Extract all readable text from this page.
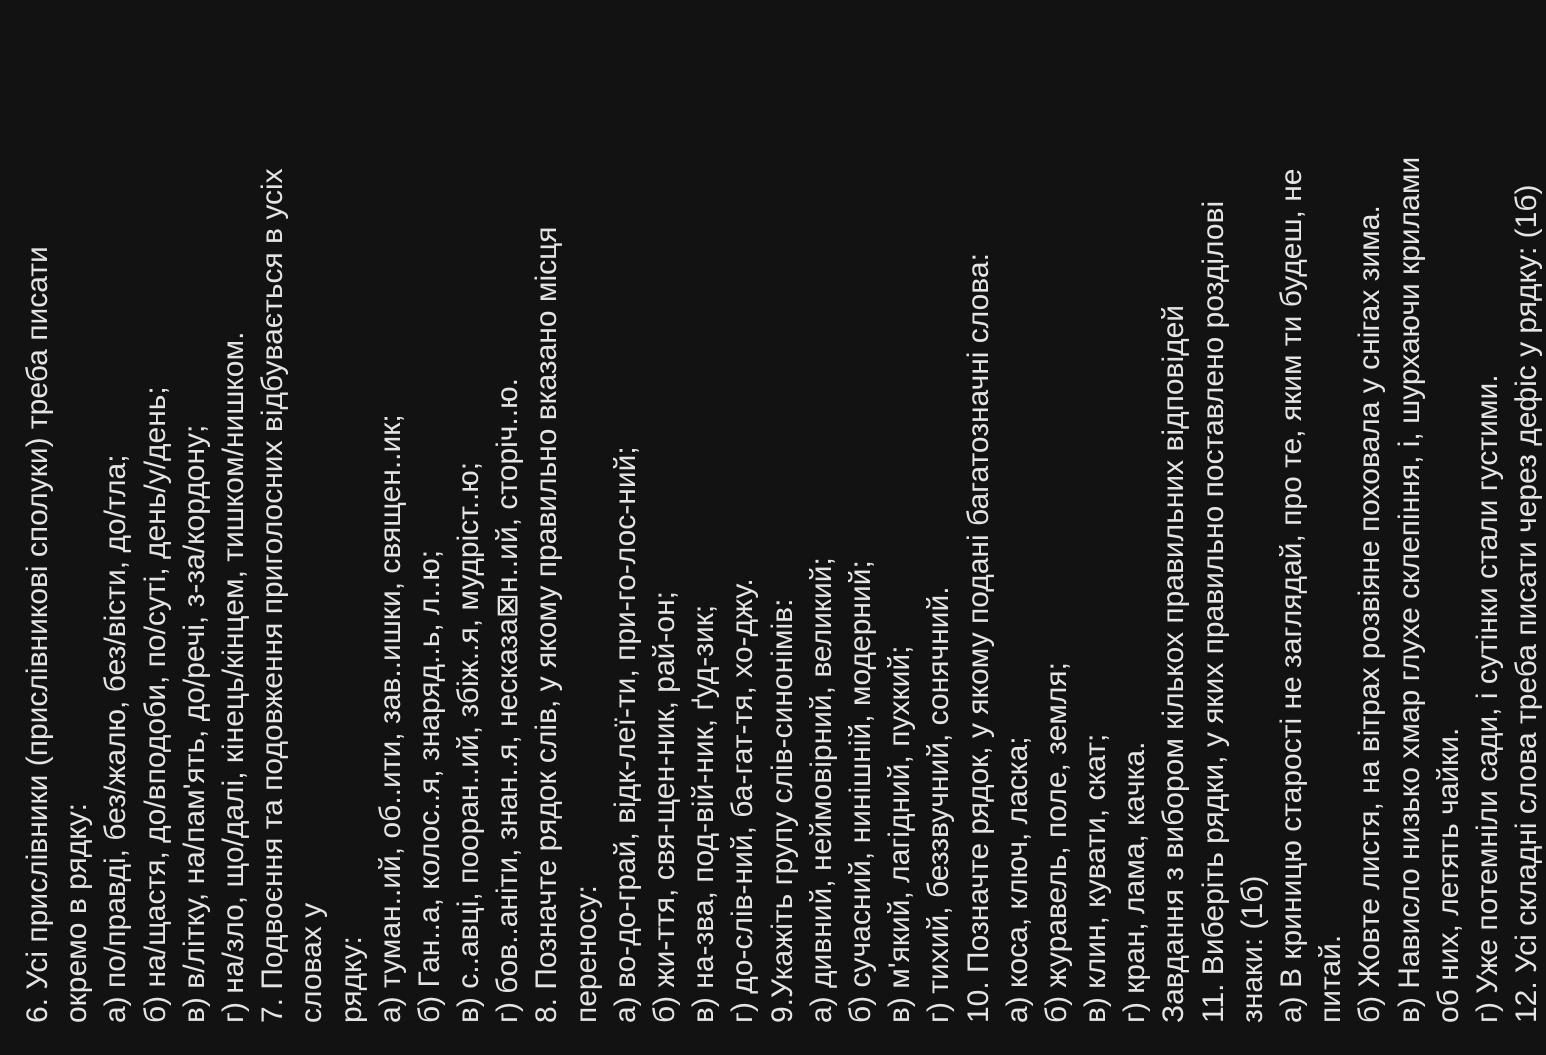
6. Усі прислівники (прислівникові сполуки) треба писати окремо в рядку: а) по/правді, без/жалю, без/вісти, до/тла; б) на/щастя, до/вподоби, по/суті, день/у/день; в) в/літку, на/пам'ять, до/речі, з-за/кордону; г) на/зло, що/далі, кінець/кінцем, тишком/нишком. 7. Подвоєння та подовження приголосних відбувається в усіх словах у рядку: а) туман..ий, об..ити, зав..ишки, священ..ик; б) Ган..а, колос..я, знаряд..ь, л..ю; в) с..авці, пооран..ий, збіж..я, мудріст..ю; г) бов..аніти, знан..я, несказа⊠н..ий, сторіч..ю. 8. Позначте рядок слів, у якому правильно вказано місця переносу: а) во-до-грай, відк-леї-ти, при-го-лос-ний; б) жи-ття, свя-щен-ник, рай-он; в) на-зва, под-вій-ник, ґуд-зик; г) до-слів-ний, ба-гат-тя, хо-джу. 9.Укажіть групу слів-синонімів: а) дивний, неймовірний, великий; б) сучасний, нинішній, модерний; в) м'який, лагідний, пухкий; г) тихий, беззвучний, сонячний. 10. Позначте рядок, у якому подані багатозначні слова: а) коса, ключ, ласка; б) журавель, поле, земля; в) клин, кувати, скат; г) кран, лама, качка. Завдання з вибором кількох правильних відповідей 11. Виберіть рядки, у яких правильно поставлено розділові знаки: (1б) а) В криницю старості не заглядай, про те, яким ти будеш, не питай. б) Жовте листя, на вітрах розвіяне поховала у снігах зима. в) Нависло низько хмар глухе склепіння, і, шурхаючи крилами об них, летять чайки. г) Уже потемніли сади, і сутінки стали густими. 12. Усі складні слова треба писати через дефіс у рядку: (1б)
